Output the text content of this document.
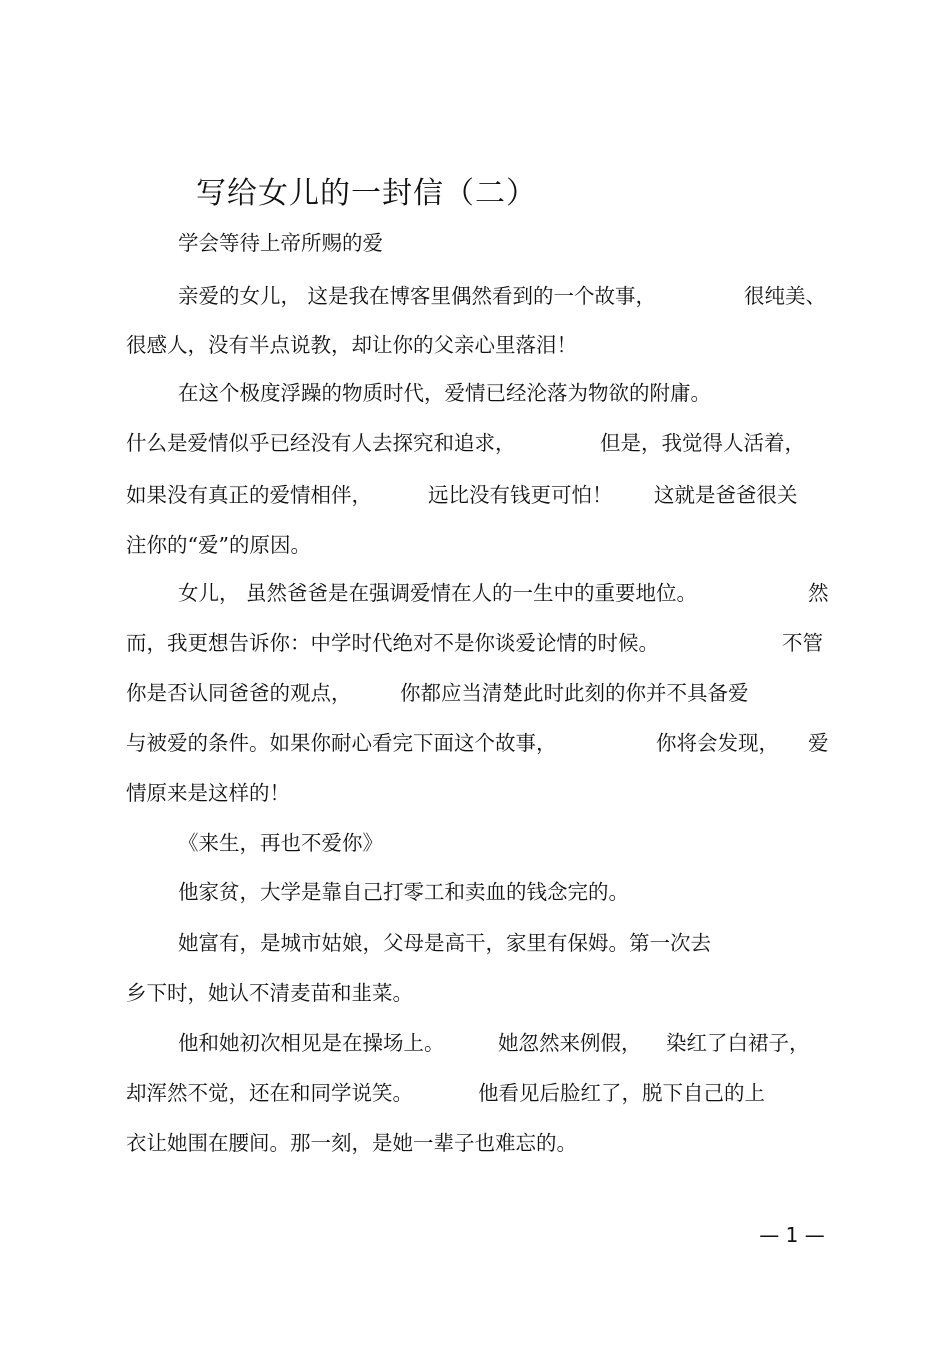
写给女儿的一封信（二）
学会等待上帝所赐的爱
亲爱的女儿， 这是我在博客里偶然看到的一个故事，	很纯美、
很感人，没有半点说教，却让你的父亲心里落泪！
在这个极度浮躁的物质时代，爱情已经沦落为物欲的附庸。
什么是爱情似乎已经没有人去探究和追求，	但是，我觉得人活着，
如果没有真正的爱情相伴，	远比没有钱更可怕！ 这就是爸爸很关
注你的“爱”的原因。
女儿， 虽然爸爸是在强调爱情在人的一生中的重要地位。	然
而，我更想告诉你：中学时代绝对不是你谈爱论情的时候。	不管
你是否认同爸爸的观点， 你都应当清楚此时此刻的你并不具备爱
与被爱的条件。如果你耐心看完下面这个故事，	你将会发现， 爱
情原来是这样的！
《来生，再也不爱你》
他家贫，大学是靠自己打零工和卖血的钱念完的。
她富有，是城市姑娘，父母是高干，家里有保姆。第一次去
乡下时，她认不清麦苗和韭菜。
他和她初次相见是在操场上。	她忽然来例假， 染红了白裙子，
却浑然不觉，还在和同学说笑。	他看见后脸红了，脱下自己的上
衣让她围在腰间。那一刻，是她一辈子也难忘的。
— 1 —
